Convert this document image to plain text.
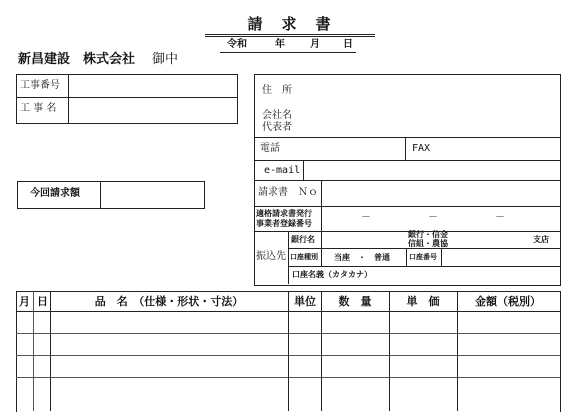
請　求　書
令和	年	月 日
新昌建設　株式会社 御中
工事番号
工 事 名
今回請求額
住　所
会社名
代表者
電話	FAX
e-mail
請求書　Ｎｏ
適格請求書発行
事業者登録番号
－	－	－
振込先
銀行名
銀行・信金
信組・農協	支店
口座種別 当座　・　普通	口座番号
口座名義（カタカナ）
月 日	品　名　（仕様・形状・寸法）	単位	数　量	単　価	金額（税別）
